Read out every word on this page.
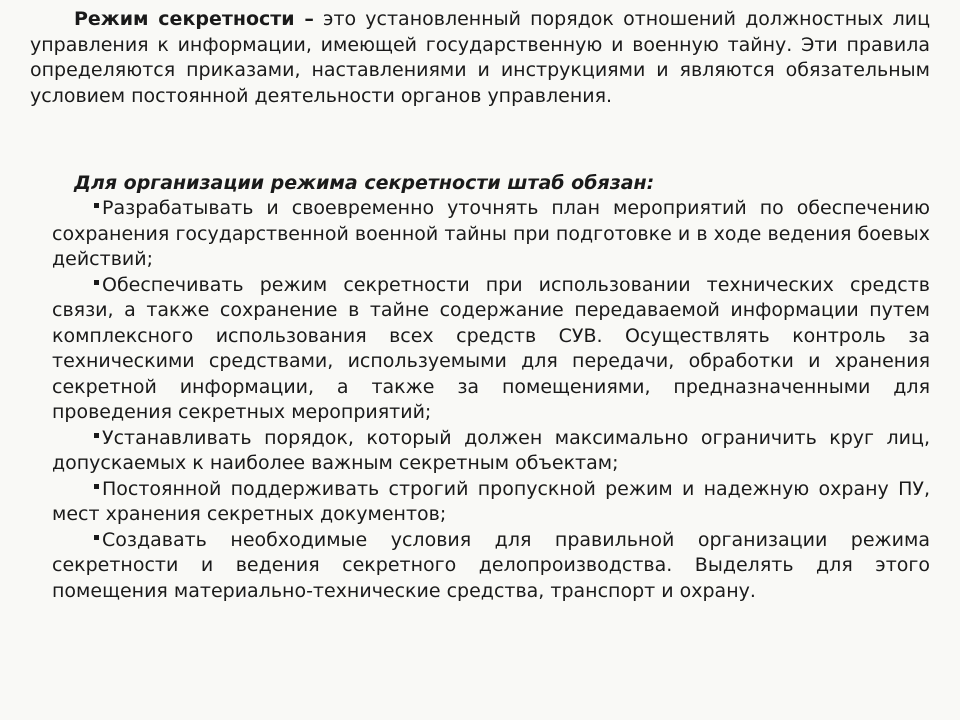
Режим секретности – это установленный порядок отношений должностных лиц управления к информации, имеющей государственную и военную тайну. Эти правила определяются приказами, наставлениями и инструкциями и являются обязательным условием постоянной деятельности органов управления.

Для организации режима секретности штаб обязан:

Разрабатывать и своевременно уточнять план мероприятий по обеспечению сохранения государственной военной тайны при подготовке и в ходе ведения боевых действий;

Обеспечивать режим секретности при использовании технических средств связи, а также сохранение в тайне содержание передаваемой информации путем комплексного использования всех средств СУВ. Осуществлять контроль за техническими средствами, используемыми для передачи, обработки и хранения секретной информации, а также за помещениями, предназначенными для проведения секретных мероприятий;

Устанавливать порядок, который должен максимально ограничить круг лиц, допускаемых к наиболее важным секретным объектам;

Постоянной поддерживать строгий пропускной режим и надежную охрану ПУ, мест хранения секретных документов;

Создавать необходимые условия для правильной организации режима секретности и ведения секретного делопроизводства. Выделять для этого помещения материально-технические средства, транспорт и охрану.
